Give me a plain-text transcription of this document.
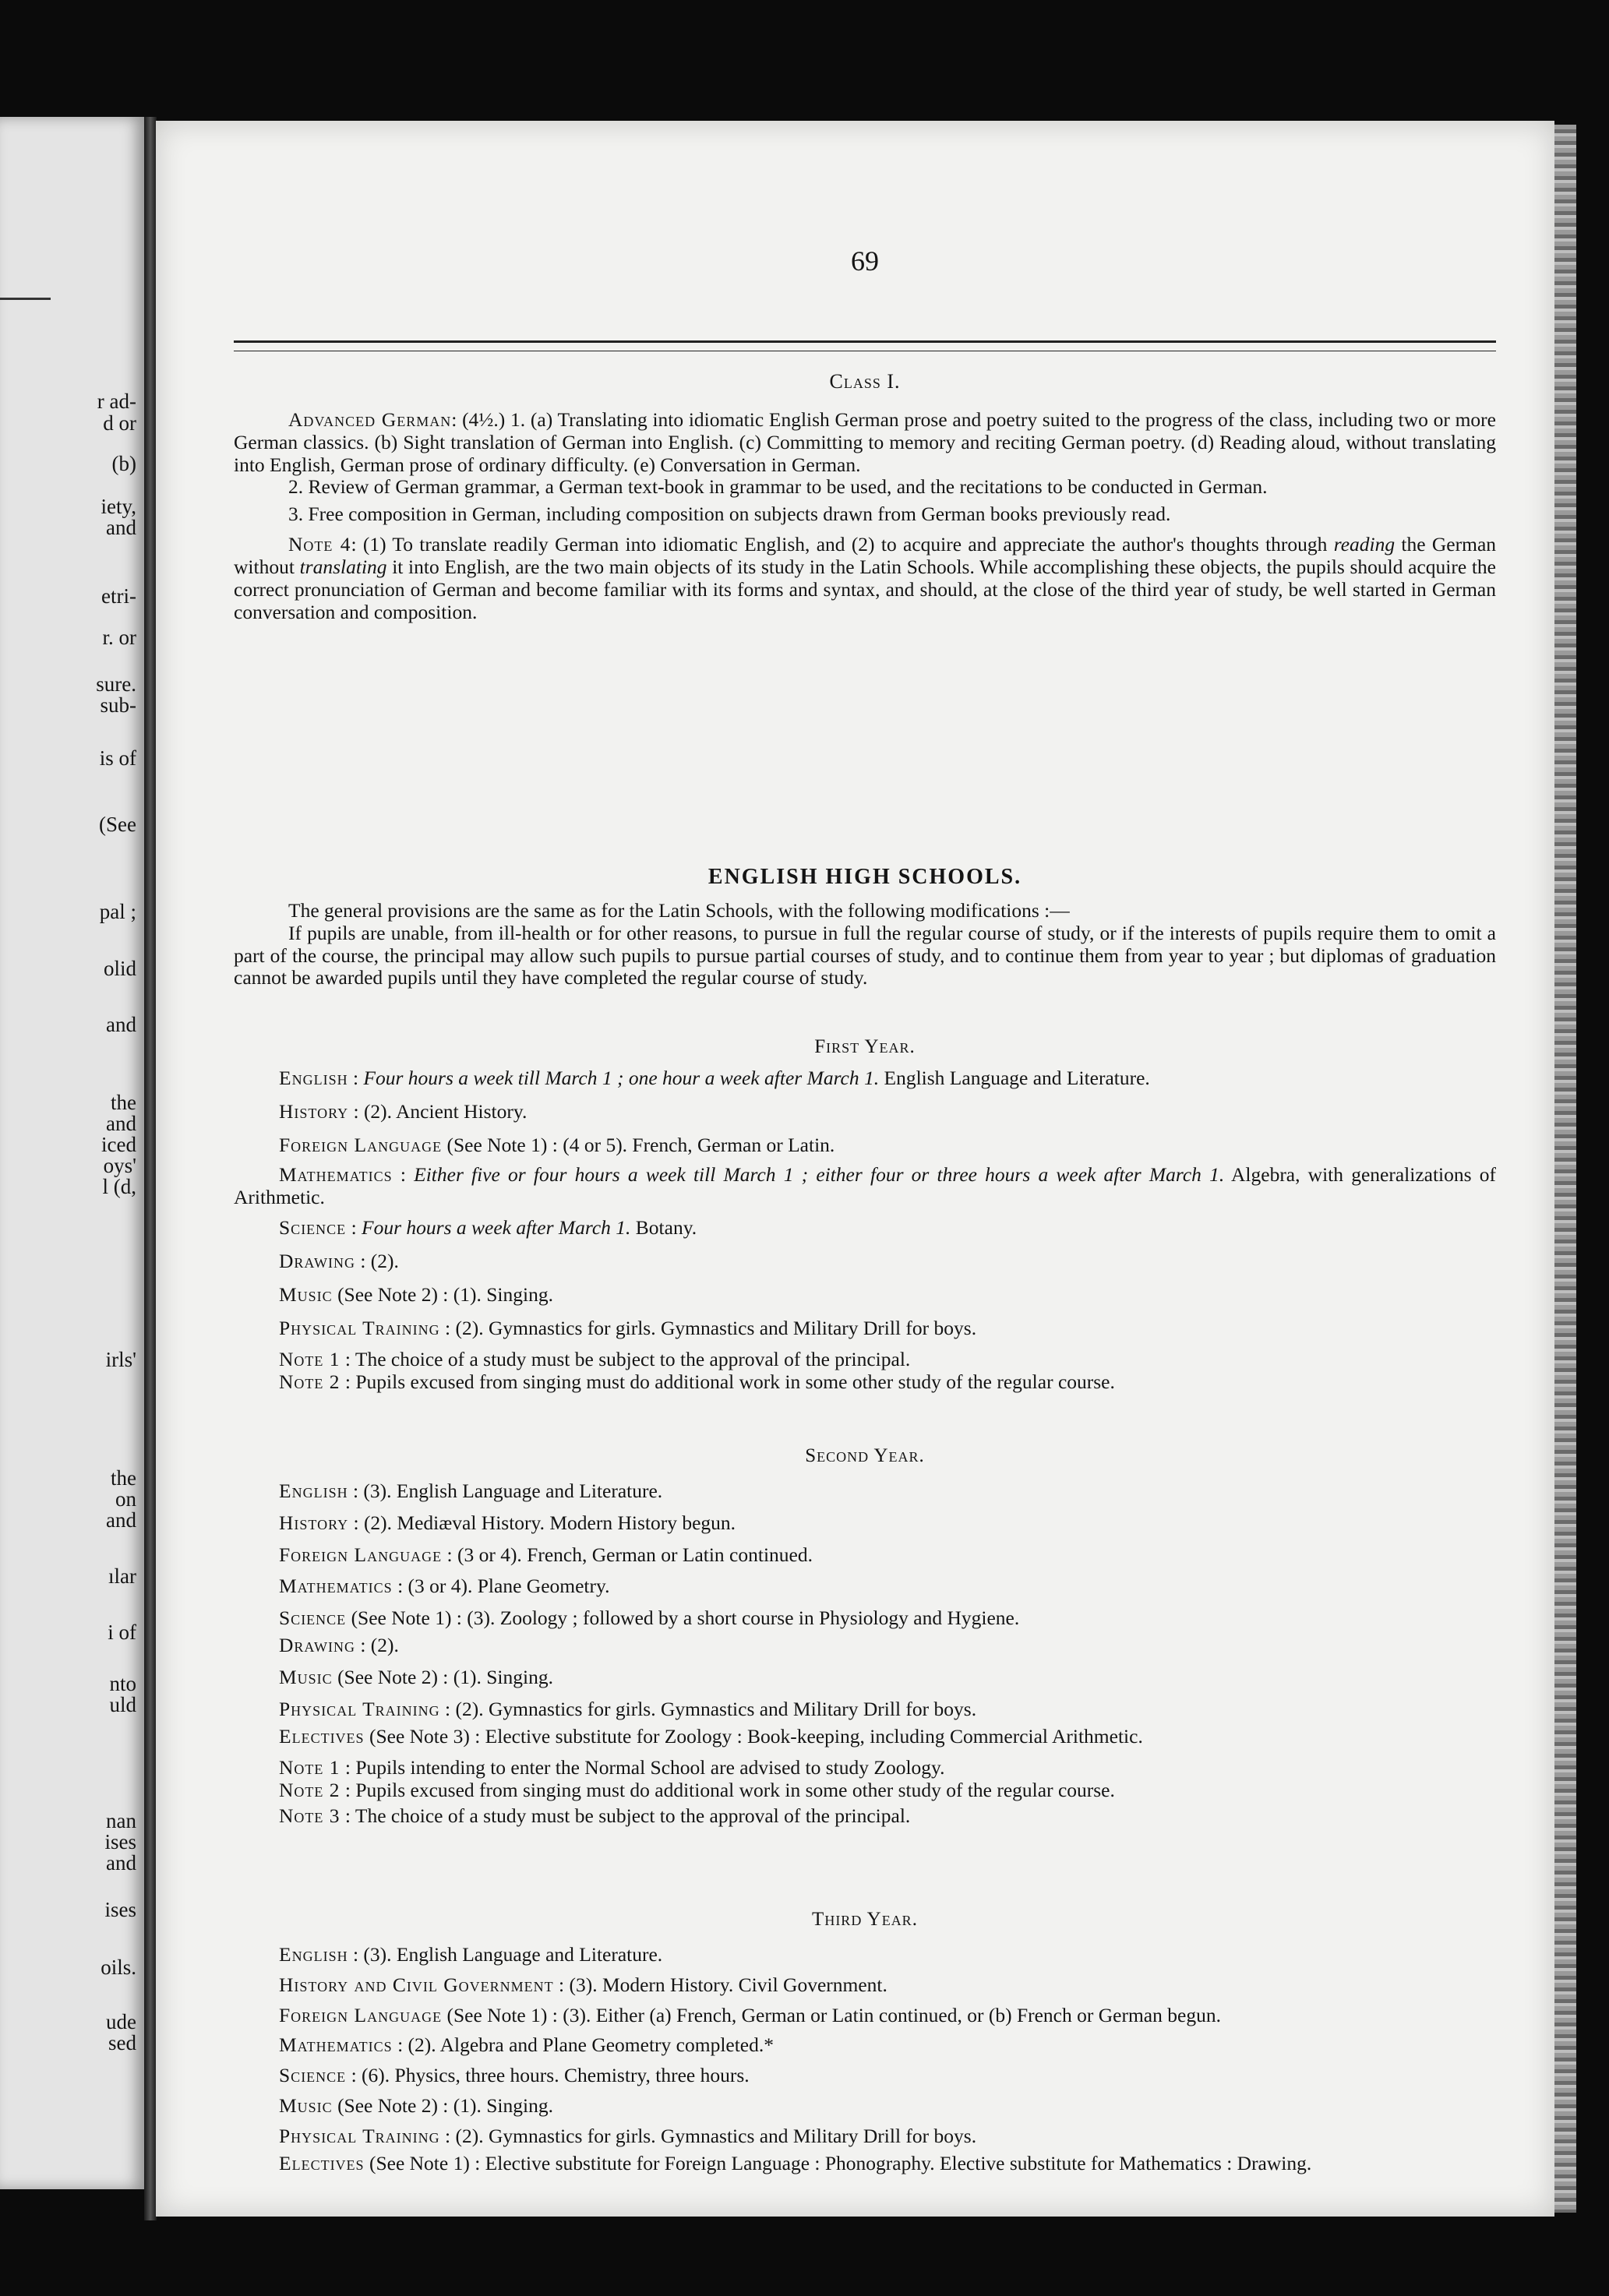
r ad-
d or
(b)
iety,
and
etri-
r. or
sure.
sub-
is of
(See
pal ;
olid
and
the
and
iced
oys'
l (d,
irls'
the
on
and
ılar
i of
nto
uld
nan
ises
and
ises
oils.
ude
sed
69
Class I.

Advanced German: (4½.) 1. (a) Translating into idiomatic English German prose and poetry suited to the progress of the class, including two or more German classics. (b) Sight translation of German into English. (c) Committing to memory and reciting German poetry. (d) Reading aloud, without translating into English, German prose of ordinary difficulty. (e) Conversation in German.

2. Review of German grammar, a German text-book in grammar to be used, and the recitations to be conducted in German.

3. Free composition in German, including composition on subjects drawn from German books previously read.

Note 4: (1) To translate readily German into idiomatic English, and (2) to acquire and appreciate the author's thoughts through reading the German without translating it into English, are the two main objects of its study in the Latin Schools. While accomplishing these objects, the pupils should acquire the correct pronunciation of German and become familiar with its forms and syntax, and should, at the close of the third year of study, be well started in German conversation and composition.

ENGLISH HIGH SCHOOLS.

The general provisions are the same as for the Latin Schools, with the following modifications :—

If pupils are unable, from ill-health or for other reasons, to pursue in full the regular course of study, or if the interests of pupils require them to omit a part of the course, the principal may allow such pupils to pursue partial courses of study, and to continue them from year to year ; but diplomas of graduation cannot be awarded pupils until they have completed the regular course of study.

First Year.

English : Four hours a week till March 1 ; one hour a week after March 1. English Language and Literature.

History : (2). Ancient History.

Foreign Language (See Note 1) : (4 or 5). French, German or Latin.

Mathematics : Either five or four hours a week till March 1 ; either four or three hours a week after March 1. Algebra, with generalizations of Arithmetic.

Science : Four hours a week after March 1. Botany.

Drawing : (2).

Music (See Note 2) : (1). Singing.

Physical Training : (2). Gymnastics for girls. Gymnastics and Military Drill for boys.

Note 1 : The choice of a study must be subject to the approval of the principal.

Note 2 : Pupils excused from singing must do additional work in some other study of the regular course.

Second Year.

English : (3). English Language and Literature.

History : (2). Mediæval History. Modern History begun.

Foreign Language : (3 or 4). French, German or Latin continued.

Mathematics : (3 or 4). Plane Geometry.

Science (See Note 1) : (3). Zoology ; followed by a short course in Physiology and Hygiene.

Drawing : (2).

Music (See Note 2) : (1). Singing.

Physical Training : (2). Gymnastics for girls. Gymnastics and Military Drill for boys.

Electives (See Note 3) : Elective substitute for Zoology : Book-keeping, including Commercial Arithmetic.

Note 1 : Pupils intending to enter the Normal School are advised to study Zoology.

Note 2 : Pupils excused from singing must do additional work in some other study of the regular course.

Note 3 : The choice of a study must be subject to the approval of the principal.

Third Year.

English : (3). English Language and Literature.

History and Civil Government : (3). Modern History. Civil Government.

Foreign Language (See Note 1) : (3). Either (a) French, German or Latin continued, or (b) French or German begun.

Mathematics : (2). Algebra and Plane Geometry completed.*

Science : (6). Physics, three hours. Chemistry, three hours.

Music (See Note 2) : (1). Singing.

Physical Training : (2). Gymnastics for girls. Gymnastics and Military Drill for boys.

Electives (See Note 1) : Elective substitute for Foreign Language : Phonography. Elective substitute for Mathematics : Drawing.
